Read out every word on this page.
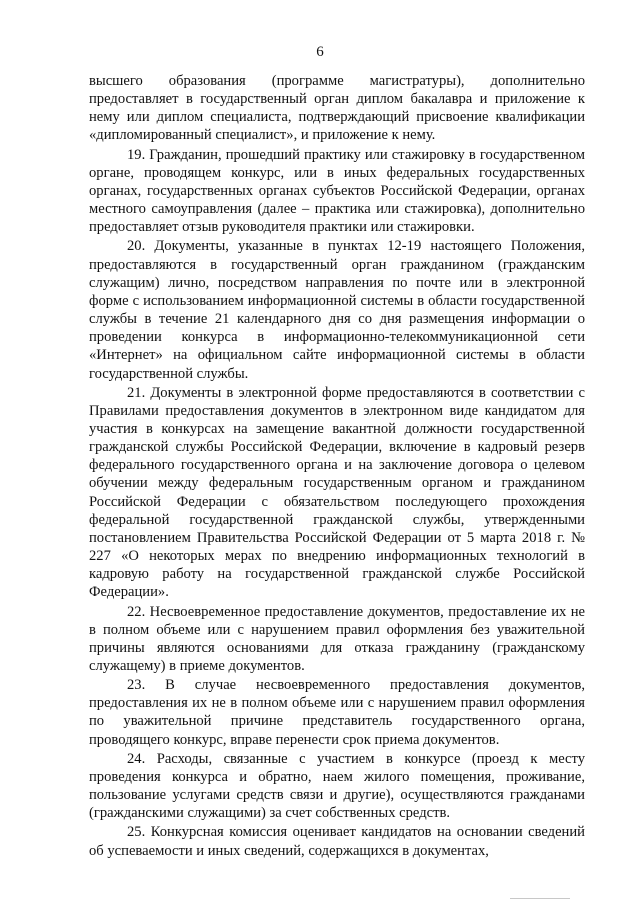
6

высшего образования (программе магистратуры), дополнительно предоставляет в государственный орган диплом бакалавра и приложение к нему или диплом специалиста, подтверждающий присвоение квалификации «дипломированный специалист», и приложение к нему.

19. Гражданин, прошедший практику или стажировку в государственном органе, проводящем конкурс, или в иных федеральных государственных органах, государственных органах субъектов Российской Федерации, органах местного самоуправления (далее – практика или стажировка), дополнительно предоставляет отзыв руководителя практики или стажировки.

20. Документы, указанные в пунктах 12-19 настоящего Положения, предоставляются в государственный орган гражданином (гражданским служащим) лично, посредством направления по почте или в электронной форме с использованием информационной системы в области государственной службы в течение 21 календарного дня со дня размещения информации о проведении конкурса в информационно-телекоммуникационной сети «Интернет» на официальном сайте информационной системы в области государственной службы.

21. Документы в электронной форме предоставляются в соответствии с Правилами предоставления документов в электронном виде кандидатом для участия в конкурсах на замещение вакантной должности государственной гражданской службы Российской Федерации, включение в кадровый резерв федерального государственного органа и на заключение договора о целевом обучении между федеральным государственным органом и гражданином Российской Федерации с обязательством последующего прохождения федеральной государственной гражданской службы, утвержденными постановлением Правительства Российской Федерации от 5 марта 2018 г. № 227 «О некоторых мерах по внедрению информационных технологий в кадровую работу на государственной гражданской службе Российской Федерации».

22. Несвоевременное предоставление документов, предоставление их не в полном объеме или с нарушением правил оформления без уважительной причины являются основаниями для отказа гражданину (гражданскому служащему) в приеме документов.

23. В случае несвоевременного предоставления документов, предоставления их не в полном объеме или с нарушением правил оформления по уважительной причине представитель государственного органа, проводящего конкурс, вправе перенести срок приема документов.

24. Расходы, связанные с участием в конкурсе (проезд к месту проведения конкурса и обратно, наем жилого помещения, проживание, пользование услугами средств связи и другие), осуществляются гражданами (гражданскими служащими) за счет собственных средств.

25. Конкурсная комиссия оценивает кандидатов на основании сведений об успеваемости и иных сведений, содержащихся в документах,
